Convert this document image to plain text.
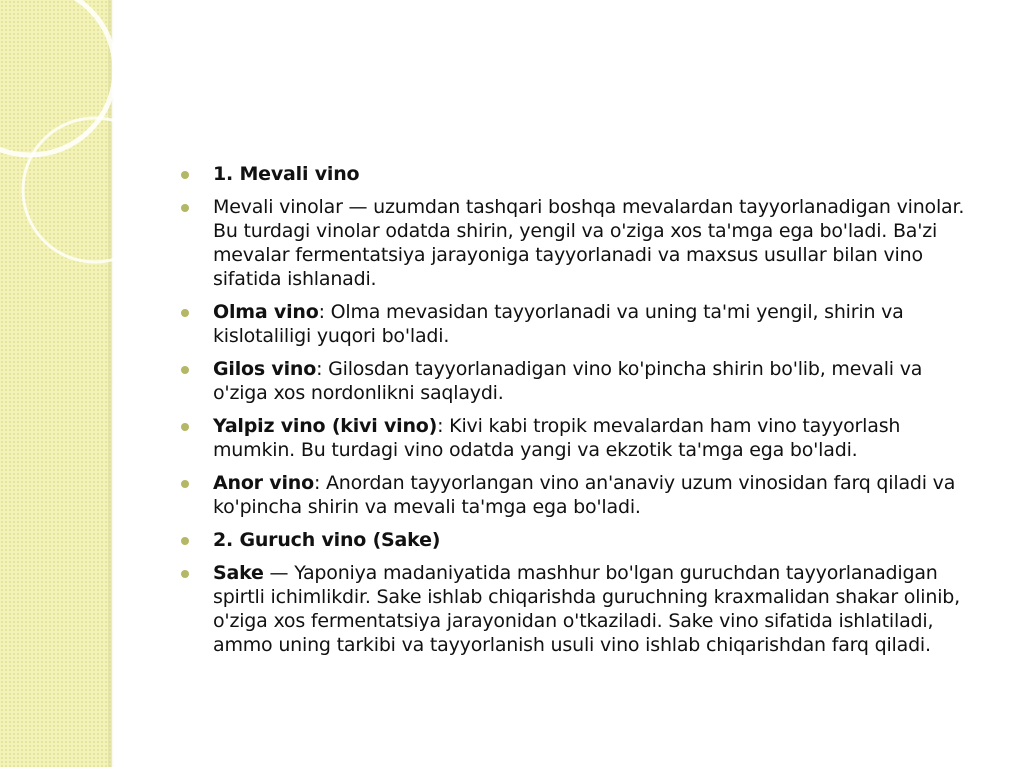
1. Mevali vino
Mevali vinolar — uzumdan tashqari boshqa mevalardan tayyorlanadigan vinolar. Bu turdagi vinolar odatda shirin, yengil va o'ziga xos ta'mga ega bo'ladi. Ba'zi mevalar fermentatsiya jarayoniga tayyorlanadi va maxsus usullar bilan vino sifatida ishlanadi.
Olma vino: Olma mevasidan tayyorlanadi va uning ta'mi yengil, shirin va kislotaliligi yuqori bo'ladi.
Gilos vino: Gilosdan tayyorlanadigan vino ko'pincha shirin bo'lib, mevali va o'ziga xos nordonlikni saqlaydi.
Yalpiz vino (kivi vino): Kivi kabi tropik mevalardan ham vino tayyorlash mumkin. Bu turdagi vino odatda yangi va ekzotik ta'mga ega bo'ladi.
Anor vino: Anordan tayyorlangan vino an'anaviy uzum vinosidan farq qiladi va ko'pincha shirin va mevali ta'mga ega bo'ladi.
2. Guruch vino (Sake)
Sake — Yaponiya madaniyatida mashhur bo'lgan guruchdan tayyorlanadigan spirtli ichimlikdir. Sake ishlab chiqarishda guruchning kraxmalidan shakar olinib, o'ziga xos fermentatsiya jarayonidan o'tkaziladi. Sake vino sifatida ishlatiladi, ammo uning tarkibi va tayyorlanish usuli vino ishlab chiqarishdan farq qiladi.
